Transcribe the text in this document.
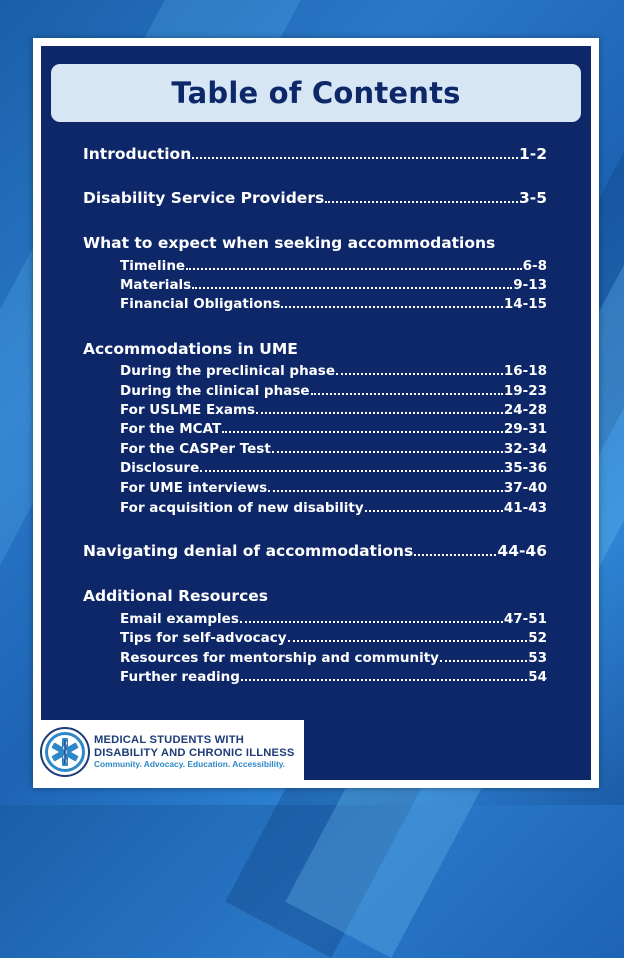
Table of Contents
Introduction	1-2
Disability Service Providers	3-5
What to expect when seeking accommodations
Timeline	6-8
Materials	9-13
Financial Obligations	14-15
Accommodations in UME
During the preclinical phase	16-18
During the clinical phase	19-23
For USLME Exams	24-28
For the MCAT	29-31
For the CASPer Test	32-34
Disclosure	35-36
For UME interviews	37-40
For acquisition of new disability	41-43
Navigating denial of accommodations	44-46
Additional Resources
Email examples	47-51
Tips for self-advocacy	52
Resources for mentorship and community	53
Further reading	54
MEDICAL STUDENTS WITH
DISABILITY AND CHRONIC ILLNESS
Community. Advocacy. Education. Accessibility.
